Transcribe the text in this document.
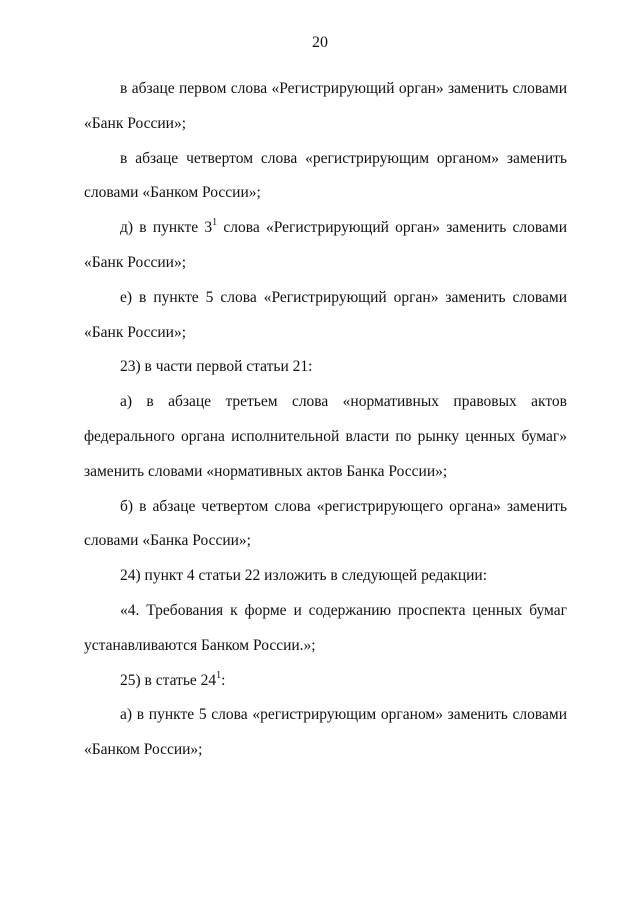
20

в абзаце первом слова «Регистрирующий орган» заменить словами «Банк России»;

в абзаце четвертом слова «регистрирующим органом» заменить словами «Банком России»;

д) в пункте $3^1$ слова «Регистрирующий орган» заменить словами «Банк России»;

е) в пункте 5 слова «Регистрирующий орган» заменить словами «Банк России»;

23) в части первой статьи 21:

а) в абзаце третьем слова «нормативных правовых актов федерального органа исполнительной власти по рынку ценных бумаг» заменить словами «нормативных актов Банка России»;

б) в абзаце четвертом слова «регистрирующего органа» заменить словами «Банка России»;

24) пункт 4 статьи 22 изложить в следующей редакции:

«4. Требования к форме и содержанию проспекта ценных бумаг устанавливаются Банком России.»;

25) в статье $24^1$:

а) в пункте 5 слова «регистрирующим органом» заменить словами «Банком России»;
